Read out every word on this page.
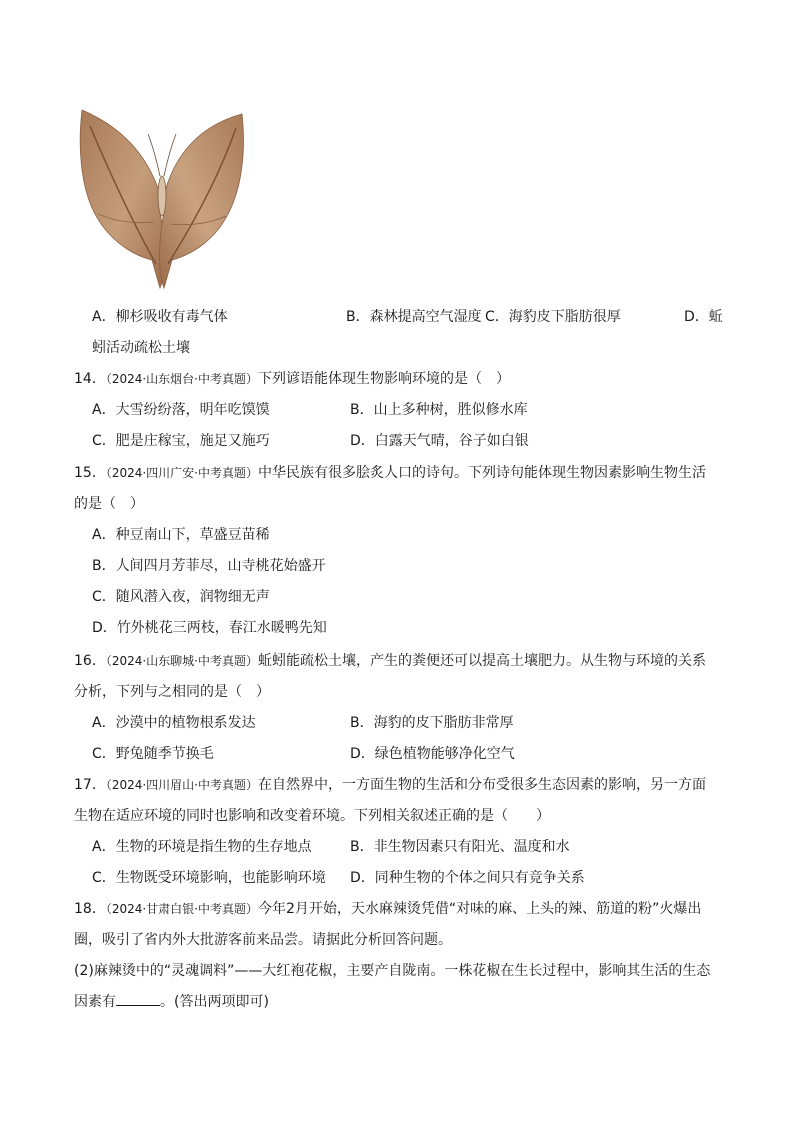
A．柳杉吸收有毒气体	B．森林提高空气湿度 C．海豹皮下脂肪很厚	D．蚯
蚓活动疏松土壤
14．（2024·山东烟台·中考真题）下列谚语能体现生物影响环境的是（　）
A．大雪纷纷落，明年吃馍馍	B．山上多种树，胜似修水库
C．肥是庄稼宝，施足又施巧	D．白露天气晴，谷子如白银
15．（2024·四川广安·中考真题）中华民族有很多脍炙人口的诗句。下列诗句能体现生物因素影响生物生活
的是（　）
A．种豆南山下，草盛豆苗稀
B．人间四月芳菲尽，山寺桃花始盛开
C．随风潜入夜，润物细无声
D．竹外桃花三两枝，春江水暖鸭先知
16．（2024·山东聊城·中考真题）蚯蚓能疏松土壤，产生的粪便还可以提高土壤肥力。从生物与环境的关系
分析，下列与之相同的是（　）
A．沙漠中的植物根系发达	B．海豹的皮下脂肪非常厚
C．野兔随季节换毛	D．绿色植物能够净化空气
17．（2024·四川眉山·中考真题）在自然界中，一方面生物的生活和分布受很多生态因素的影响，另一方面
生物在适应环境的同时也影响和改变着环境。下列相关叙述正确的是（　　）
A．生物的环境是指生物的生存地点	B．非生物因素只有阳光、温度和水
C．生物既受环境影响，也能影响环境 D．同种生物的个体之间只有竞争关系
18．（2024·甘肃白银·中考真题）今年2月开始，天水麻辣烫凭借“对味的麻、上头的辣、筋道的粉”火爆出
圈，吸引了省内外大批游客前来品尝。请据此分析回答问题。
(2)麻辣烫中的“灵魂调料”——大红袍花椒，主要产自陇南。一株花椒在生长过程中，影响其生活的生态
因素有	。(答出两项即可)
